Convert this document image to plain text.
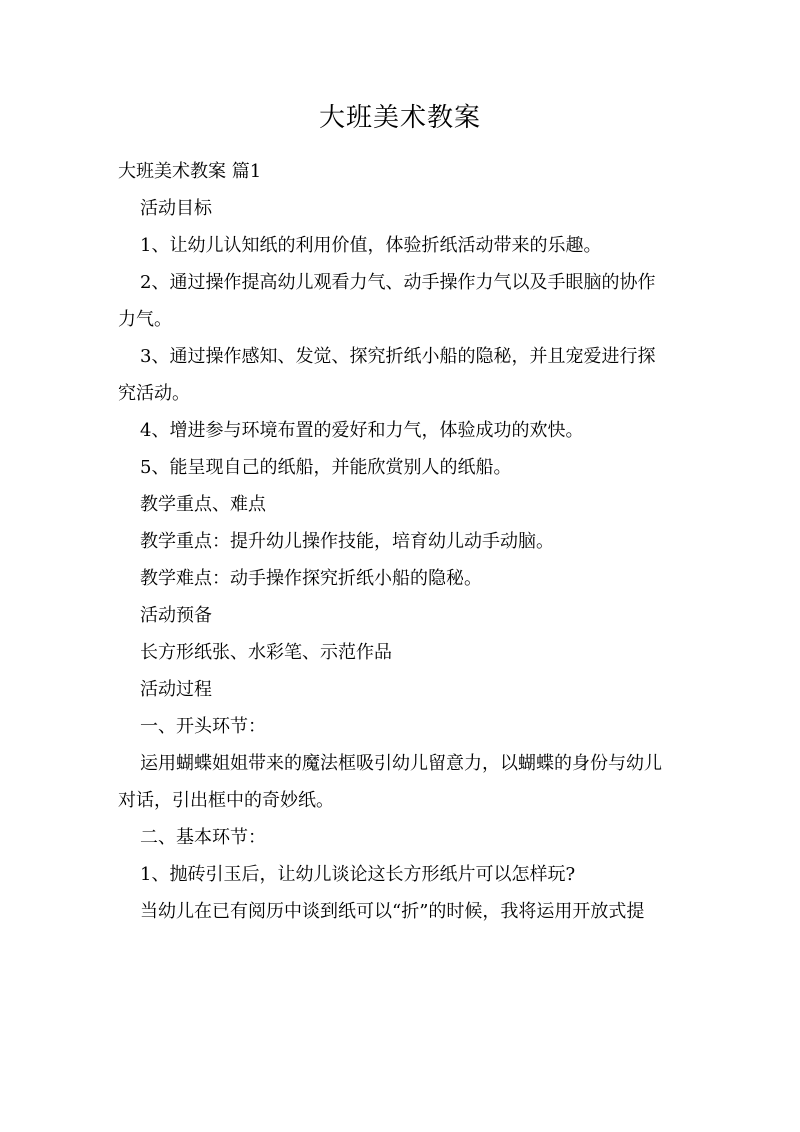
大班美术教案
大班美术教案 篇1
活动目标
1、让幼儿认知纸的利用价值，体验折纸活动带来的乐趣。
2、通过操作提高幼儿观看力气、动手操作力气以及手眼脑的协作
力气。
3、通过操作感知、发觉、探究折纸小船的隐秘，并且宠爱进行探
究活动。
4、增进参与环境布置的爱好和力气，体验成功的欢快。
5、能呈现自己的纸船，并能欣赏别人的纸船。
教学重点、难点
教学重点：提升幼儿操作技能，培育幼儿动手动脑。
教学难点：动手操作探究折纸小船的隐秘。
活动预备
长方形纸张、水彩笔、示范作品
活动过程
一、开头环节：
运用蝴蝶姐姐带来的魔法框吸引幼儿留意力，以蝴蝶的身份与幼儿
对话，引出框中的奇妙纸。
二、基本环节：
1、抛砖引玉后，让幼儿谈论这长方形纸片可以怎样玩?
当幼儿在已有阅历中谈到纸可以“折”的时候，我将运用开放式提
